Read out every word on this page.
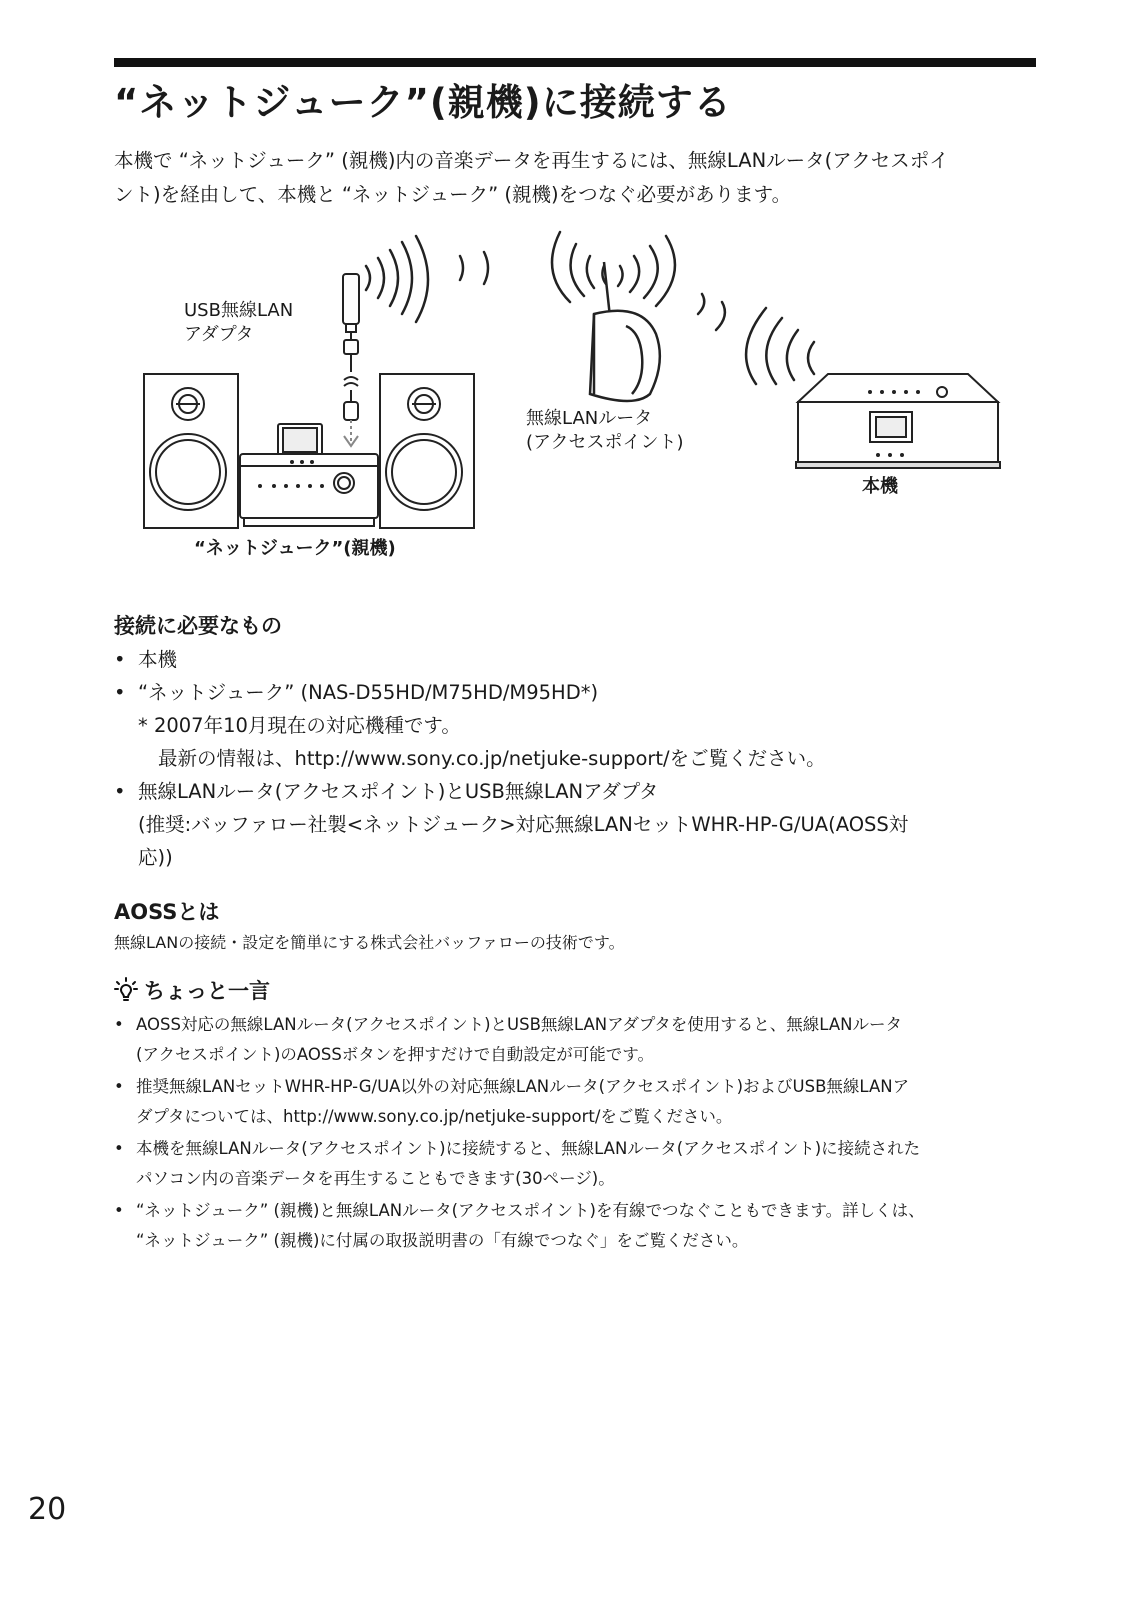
“ネットジューク”(親機)に接続する

本機で “ネットジューク” (親機)内の音楽データを再生するには、無線LANルータ(アクセスポイ

ント)を経由して、本機と “ネットジューク” (親機)をつなぐ必要があります。

USB無線LAN
アダプタ
無線LANルータ
(アクセスポイント)
本機
“ネットジューク”(親機)
接続に必要なもの
• 本機
• “ネットジューク” (NAS-D55HD/M75HD/M95HD*)
* 2007年10月現在の対応機種です。
最新の情報は、http://www.sony.co.jp/netjuke-support/をご覧ください。
• 無線LANルータ(アクセスポイント)とUSB無線LANアダプタ
(推奨:バッファロー社製<ネットジューク>対応無線LANセットWHR-HP-G/UA(AOSS対
応))
AOSSとは

無線LANの接続・設定を簡単にする株式会社バッファローの技術です。

ちょっと一言
• AOSS対応の無線LANルータ(アクセスポイント)とUSB無線LANアダプタを使用すると、無線LANルータ
(アクセスポイント)のAOSSボタンを押すだけで自動設定が可能です。
• 推奨無線LANセットWHR-HP-G/UA以外の対応無線LANルータ(アクセスポイント)およびUSB無線LANア
ダプタについては、http://www.sony.co.jp/netjuke-support/をご覧ください。
• 本機を無線LANルータ(アクセスポイント)に接続すると、無線LANルータ(アクセスポイント)に接続された
パソコン内の音楽データを再生することもできます(30ページ)。
• “ネットジューク” (親機)と無線LANルータ(アクセスポイント)を有線でつなぐこともできます。詳しくは、
“ネットジューク” (親機)に付属の取扱説明書の「有線でつなぐ」をご覧ください。

20
